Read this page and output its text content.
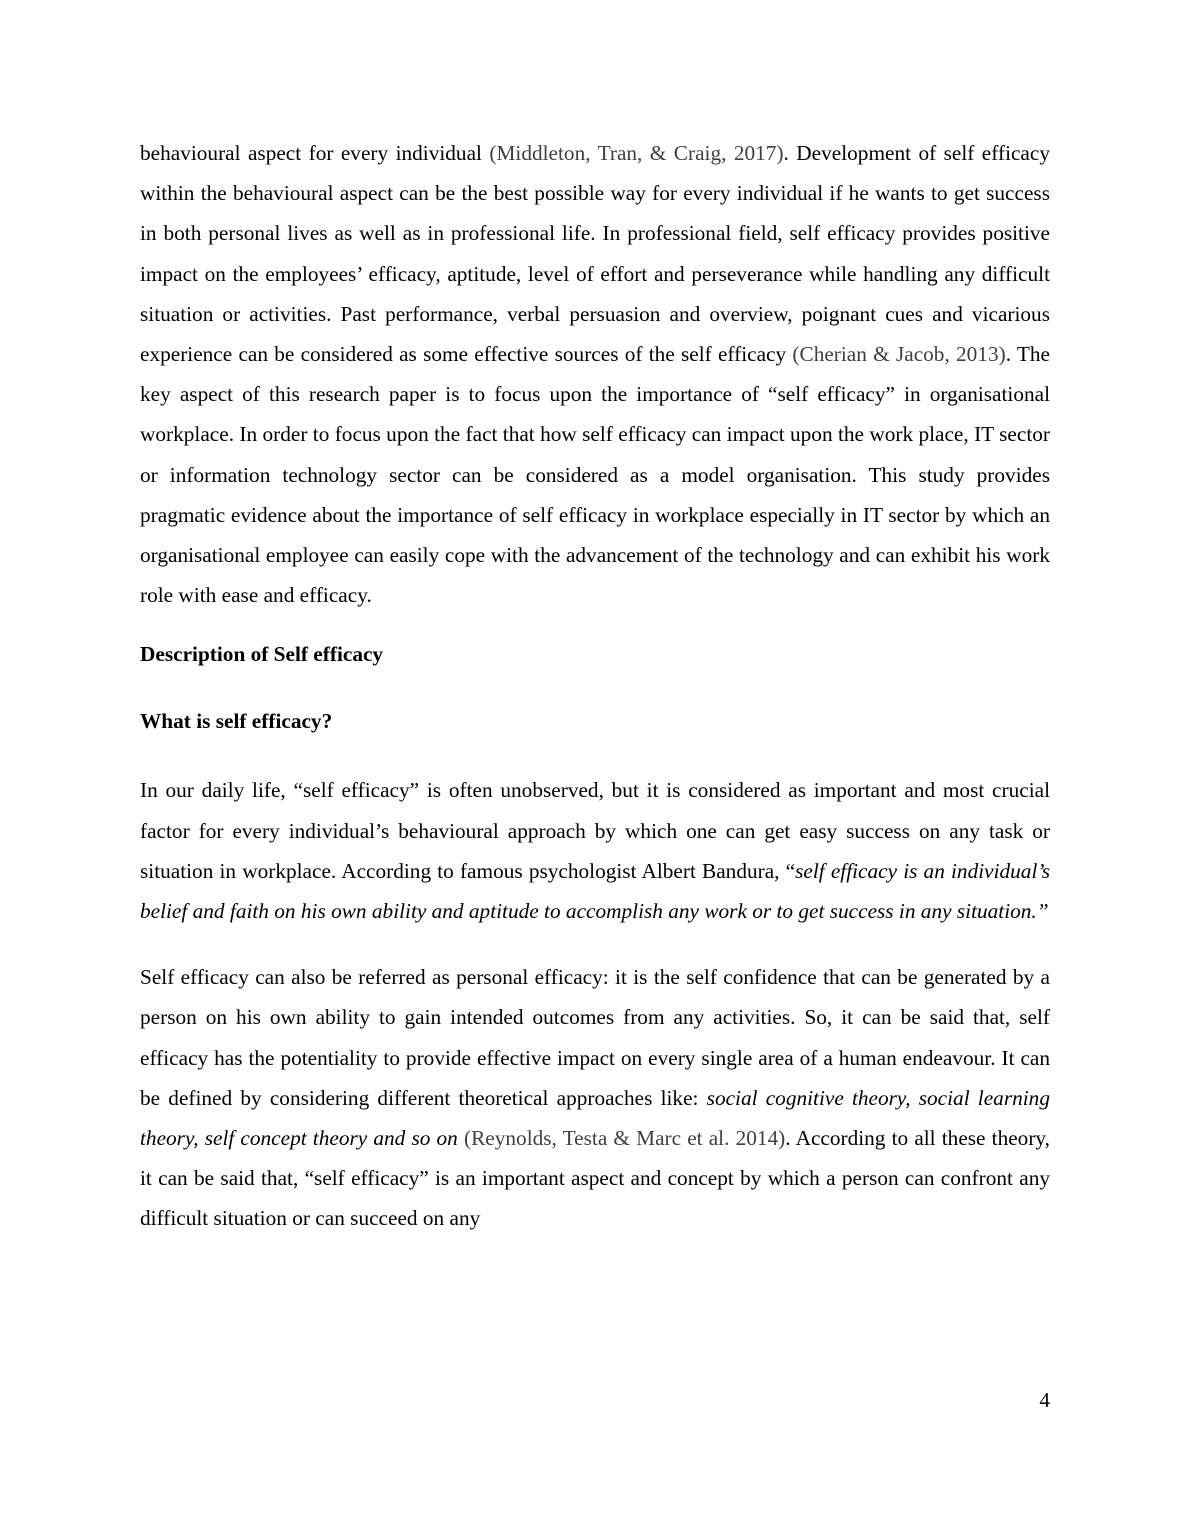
behavioural aspect for every individual (Middleton, Tran, & Craig, 2017). Development of self efficacy within the behavioural aspect can be the best possible way for every individual if he wants to get success in both personal lives as well as in professional life. In professional field, self efficacy provides positive impact on the employees’ efficacy, aptitude, level of effort and perseverance while handling any difficult situation or activities. Past performance, verbal persuasion and overview, poignant cues and vicarious experience can be considered as some effective sources of the self efficacy (Cherian & Jacob, 2013). The key aspect of this research paper is to focus upon the importance of “self efficacy” in organisational workplace. In order to focus upon the fact that how self efficacy can impact upon the work place, IT sector or information technology sector can be considered as a model organisation. This study provides pragmatic evidence about the importance of self efficacy in workplace especially in IT sector by which an organisational employee can easily cope with the advancement of the technology and can exhibit his work role with ease and efficacy.

Description of Self efficacy
What is self efficacy?

In our daily life, “self efficacy” is often unobserved, but it is considered as important and most crucial factor for every individual’s behavioural approach by which one can get easy success on any task or situation in workplace. According to famous psychologist Albert Bandura, “self efficacy is an individual’s belief and faith on his own ability and aptitude to accomplish any work or to get success in any situation.”

Self efficacy can also be referred as personal efficacy: it is the self confidence that can be generated by a person on his own ability to gain intended outcomes from any activities. So, it can be said that, self efficacy has the potentiality to provide effective impact on every single area of a human endeavour. It can be defined by considering different theoretical approaches like: social cognitive theory, social learning theory, self concept theory and so on (Reynolds, Testa & Marc et al. 2014). According to all these theory, it can be said that, “self efficacy” is an important aspect and concept by which a person can confront any difficult situation or can succeed on any

4
